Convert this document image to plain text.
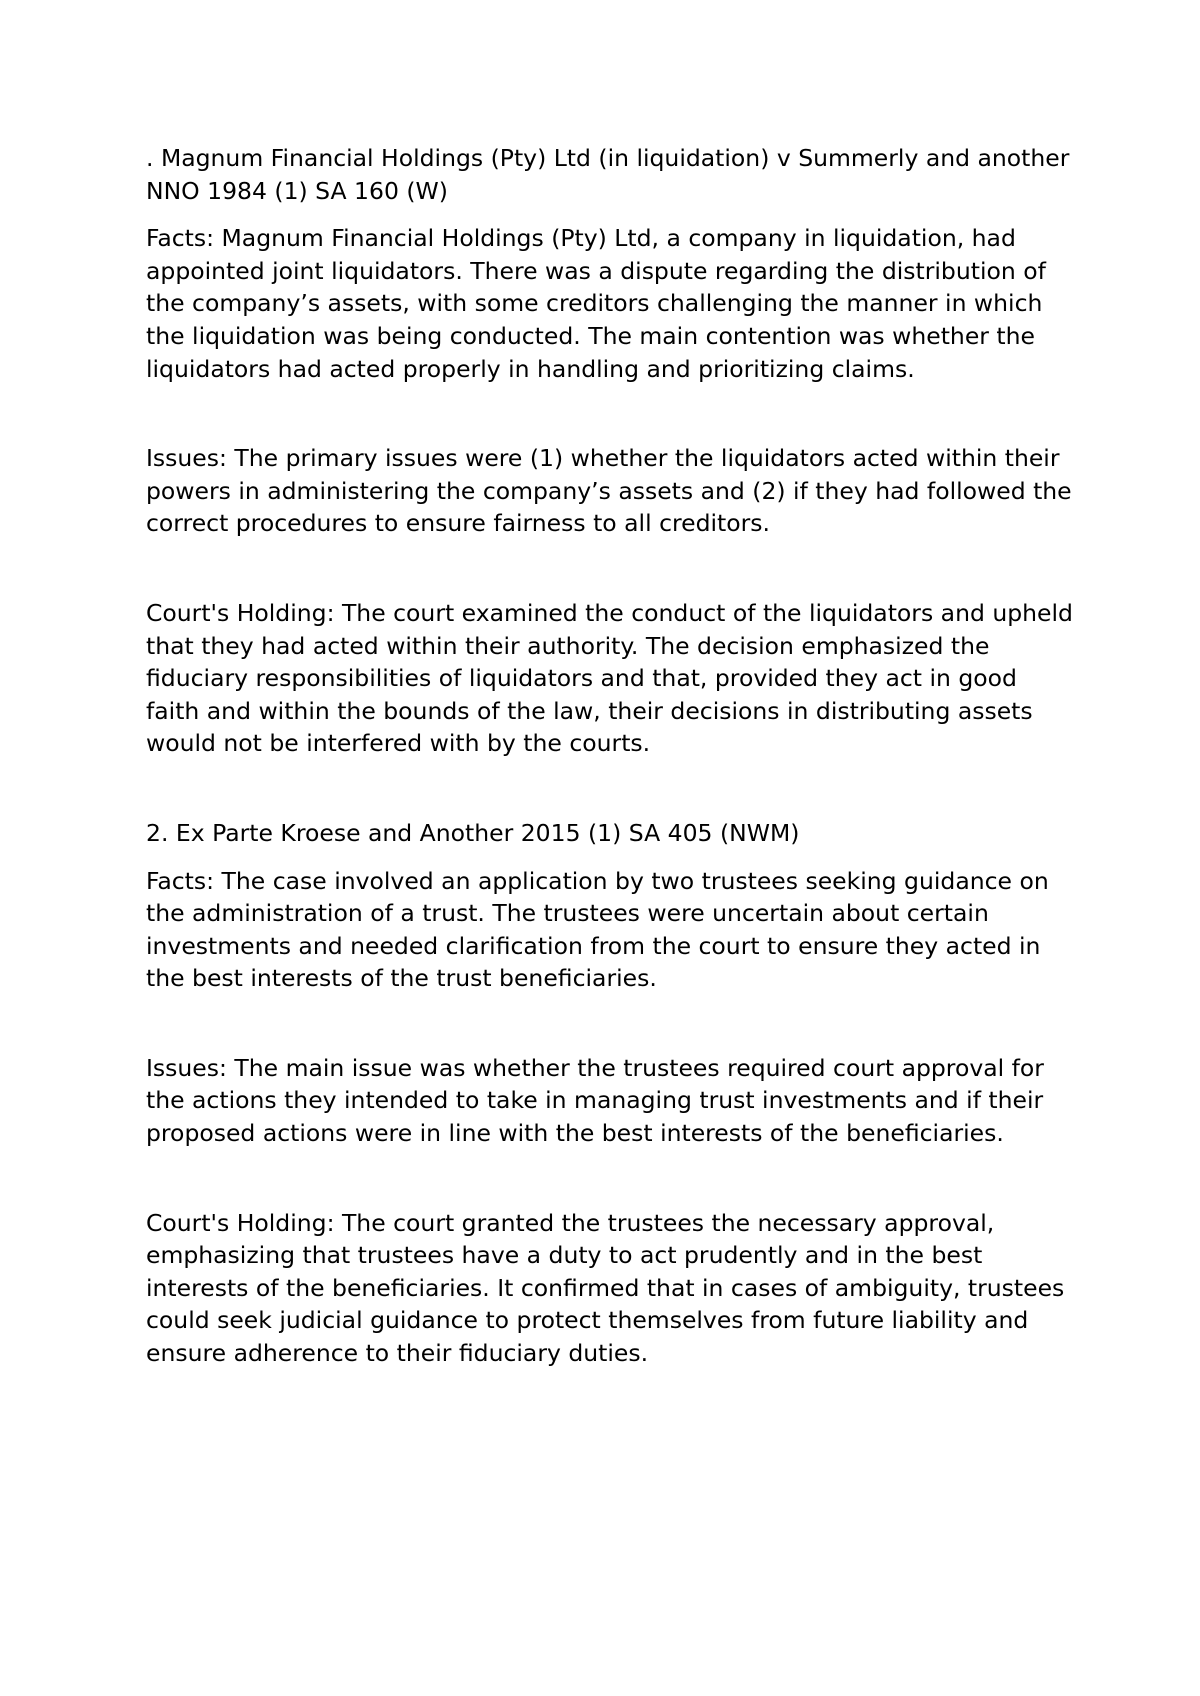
. Magnum Financial Holdings (Pty) Ltd (in liquidation) v Summerly and another NNO 1984 (1) SA 160 (W)

Facts: Magnum Financial Holdings (Pty) Ltd, a company in liquidation, had appointed joint liquidators. There was a dispute regarding the distribution of the company’s assets, with some creditors challenging the manner in which the liquidation was being conducted. The main contention was whether the liquidators had acted properly in handling and prioritizing claims.

Issues: The primary issues were (1) whether the liquidators acted within their powers in administering the company’s assets and (2) if they had followed the correct procedures to ensure fairness to all creditors.

Court's Holding: The court examined the conduct of the liquidators and upheld that they had acted within their authority. The decision emphasized the fiduciary responsibilities of liquidators and that, provided they act in good faith and within the bounds of the law, their decisions in distributing assets would not be interfered with by the courts.

2. Ex Parte Kroese and Another 2015 (1) SA 405 (NWM)

Facts: The case involved an application by two trustees seeking guidance on the administration of a trust. The trustees were uncertain about certain investments and needed clarification from the court to ensure they acted in the best interests of the trust beneficiaries.

Issues: The main issue was whether the trustees required court approval for the actions they intended to take in managing trust investments and if their proposed actions were in line with the best interests of the beneficiaries.

Court's Holding: The court granted the trustees the necessary approval, emphasizing that trustees have a duty to act prudently and in the best interests of the beneficiaries. It confirmed that in cases of ambiguity, trustees could seek judicial guidance to protect themselves from future liability and ensure adherence to their fiduciary duties.
